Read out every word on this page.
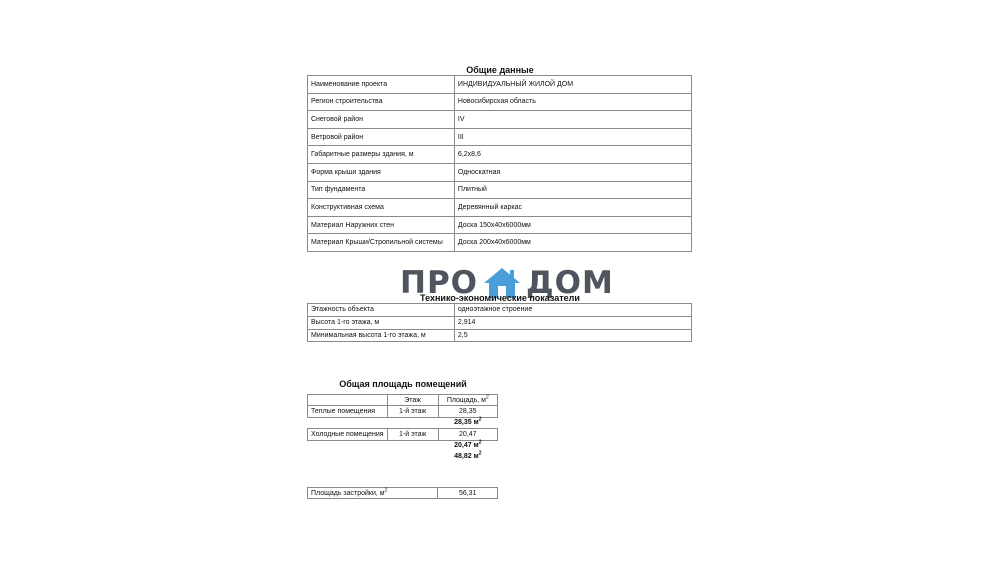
Общие данные
Наименование проекта	ИНДИВИДУАЛЬНЫЙ ЖИЛОЙ ДОМ
Регион строительства	Новосибирская область
Снеговой район	IV
Ветровой район	III
Габаритные размеры здания, м	6,2х8,6
Форма крыши здания	Односкатная
Тип фундамента	Плитный
Конструктивная схема	Деревянный каркас
Материал Наружних стен	Доска 150х40х6000мм
Материал Крыши/Стропильной системы	Доска 200х40х6000мм
ПРО ДОМ
Технико-экономические показатели
Этажность объекта	одноэтажное строение
Высота 1-го этажа, м	2,914
Минимальная высота 1-го этажа, м	2,5
Общая площадь помещений
	Этаж	Площадь, $м^2$
Теплые помещения	1-й этаж	28,35
		28,35 $м^2$
Холодные помещения	1-й этаж	20,47
		20,47 $м^2$
		48,82 $м^2$
Площадь застройки, $м^2$	56,31
